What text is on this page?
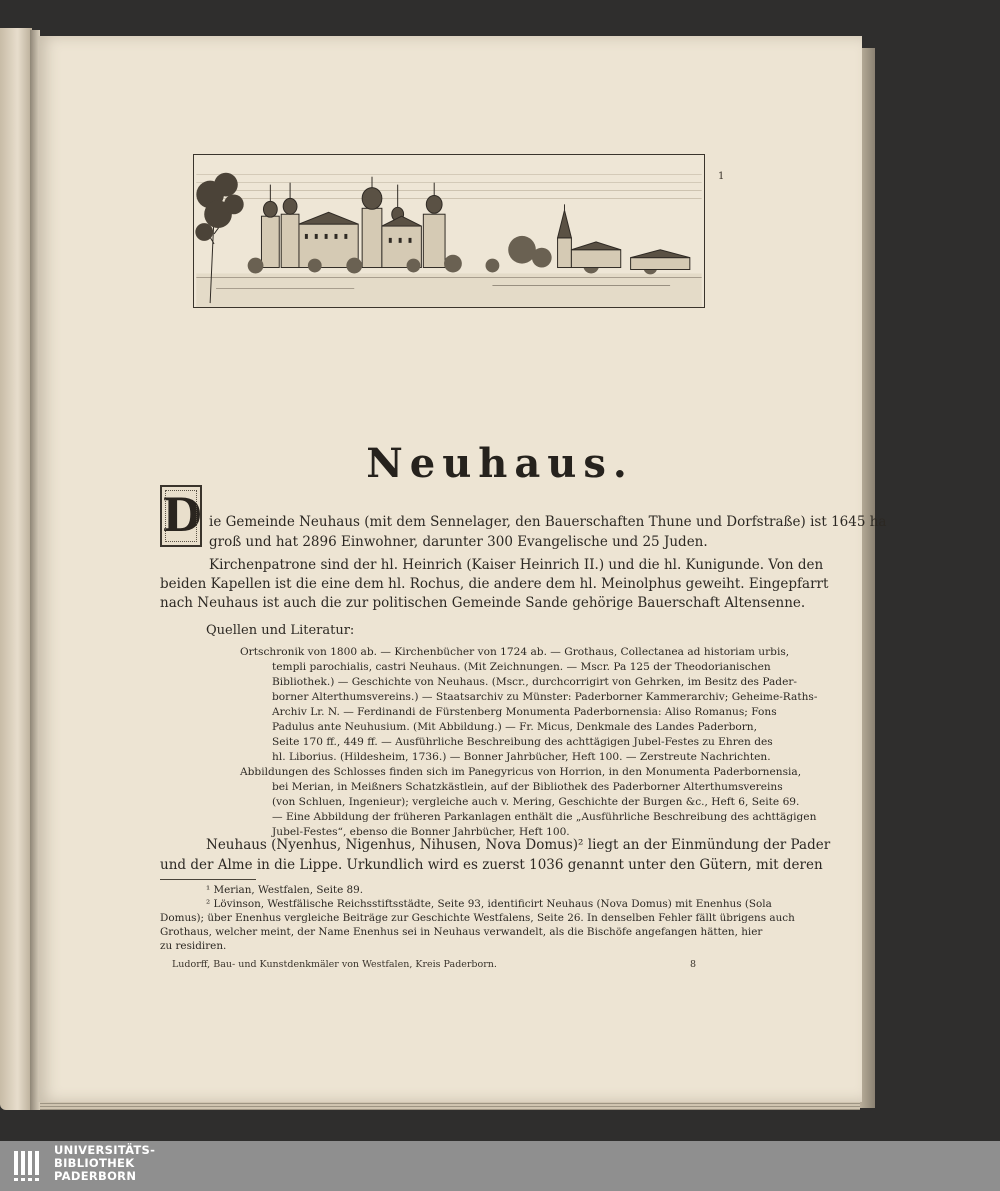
1
Neuhaus.
D ie Gemeinde Neuhaus (mit dem Sennelager, den Bauerschaften Thune und Dorfstraße) ist 1645 ha
groß und hat 2896 Einwohner, darunter 300 Evangelische und 25 Juden.
Kirchenpatrone sind der hl. Heinrich (Kaiser Heinrich II.) und die hl. Kunigunde. Von den
beiden Kapellen ist die eine dem hl. Rochus, die andere dem hl. Meinolphus geweiht. Eingepfarrt
nach Neuhaus ist auch die zur politischen Gemeinde Sande gehörige Bauerschaft Altensenne.
Quellen und Literatur:
Ortschronik von 1800 ab. — Kirchenbücher von 1724 ab. — Grothaus, Collectanea ad historiam urbis,
templi parochialis, castri Neuhaus. (Mit Zeichnungen. — Mscr. Pa 125 der Theodorianischen
Bibliothek.) — Geschichte von Neuhaus. (Mscr., durchcorrigirt von Gehrken, im Besitz des Pader-
borner Alterthumsvereins.) — Staatsarchiv zu Münster: Paderborner Kammerarchiv; Geheime-Raths-
Archiv Lr. N. — Ferdinandi de Fürstenberg Monumenta Paderbornensia: Aliso Romanus; Fons
Padulus ante Neuhusium. (Mit Abbildung.) — Fr. Micus, Denkmale des Landes Paderborn,
Seite 170 ff., 449 ff. — Ausführliche Beschreibung des achttägigen Jubel-Festes zu Ehren des
hl. Liborius. (Hildesheim, 1736.) — Bonner Jahrbücher, Heft 100. — Zerstreute Nachrichten.
Abbildungen des Schlosses finden sich im Panegyricus von Horrion, in den Monumenta Paderbornensia,
bei Merian, in Meißners Schatzkästlein, auf der Bibliothek des Paderborner Alterthumsvereins
(von Schluen, Ingenieur); vergleiche auch v. Mering, Geschichte der Burgen &c., Heft 6, Seite 69.
— Eine Abbildung der früheren Parkanlagen enthält die „Ausführliche Beschreibung des achttägigen
Jubel-Festes“, ebenso die Bonner Jahrbücher, Heft 100.
Neuhaus (Nyenhus, Nigenhus, Nihusen, Nova Domus)² liegt an der Einmündung der Pader
und der Alme in die Lippe. Urkundlich wird es zuerst 1036 genannt unter den Gütern, mit deren
¹ Merian, Westfalen, Seite 89.
² Lövinson, Westfälische Reichsstiftsstädte, Seite 93, identificirt Neuhaus (Nova Domus) mit Enenhus (Sola
Domus); über Enenhus vergleiche Beiträge zur Geschichte Westfalens, Seite 26. In denselben Fehler fällt übrigens auch
Grothaus, welcher meint, der Name Enenhus sei in Neuhaus verwandelt, als die Bischöfe angefangen hätten, hier
zu residiren.
Ludorff, Bau- und Kunstdenkmäler von Westfalen, Kreis Paderborn.	8
UNIVERSITÄTS-
BIBLIOTHEK
PADERBORN
